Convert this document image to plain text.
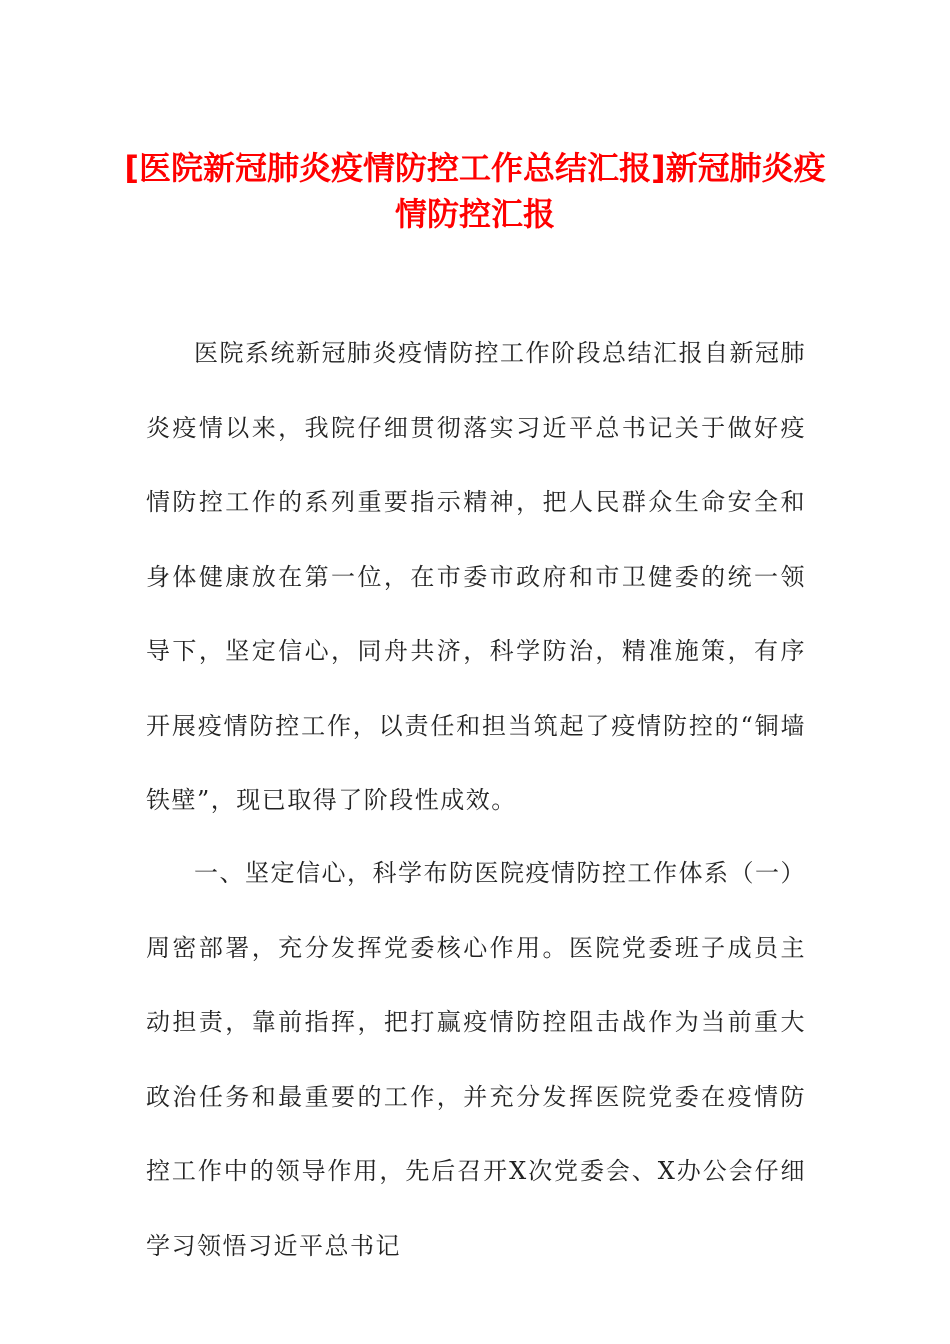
[医院新冠肺炎疫情防控工作总结汇报]新冠肺炎疫情防控汇报
医院系统新冠肺炎疫情防控工作阶段总结汇报自新冠肺炎疫情以来，我院仔细贯彻落实习近平总书记关于做好疫情防控工作的系列重要指示精神，把人民群众生命安全和身体健康放在第一位，在市委市政府和市卫健委的统一领导下，坚定信心，同舟共济，科学防治，精准施策，有序开展疫情防控工作，以责任和担当筑起了疫情防控的“铜墙铁壁”，现已取得了阶段性成效。
一、坚定信心，科学布防医院疫情防控工作体系（一）周密部署，充分发挥党委核心作用。医院党委班子成员主动担责，靠前指挥，把打赢疫情防控阻击战作为当前重大政治任务和最重要的工作，并充分发挥医院党委在疫情防控工作中的领导作用，先后召开X次党委会、X办公会仔细学习领悟习近平总书记
